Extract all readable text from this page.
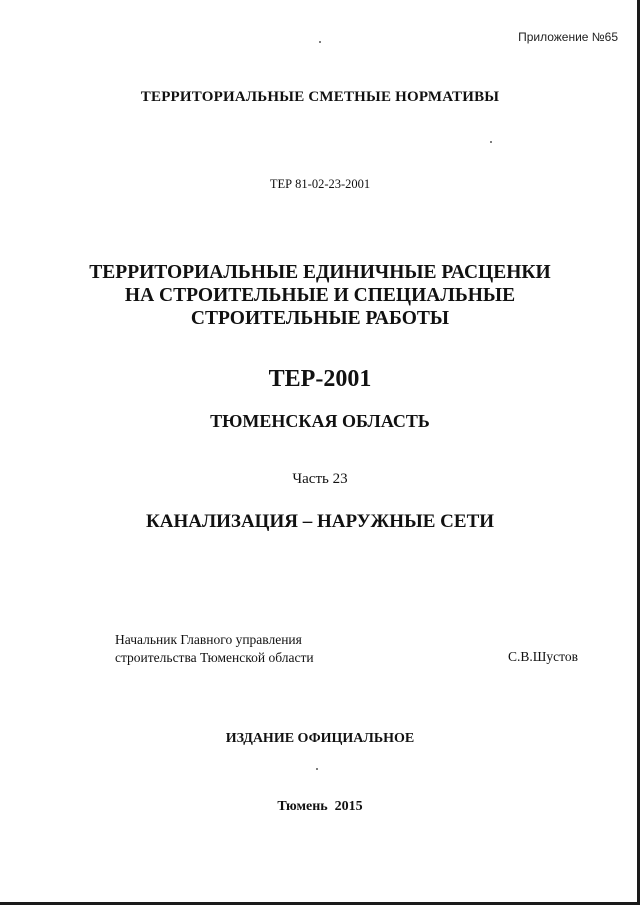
Приложение №65
ТЕРРИТОРИАЛЬНЫЕ СМЕТНЫЕ НОРМАТИВЫ
ТЕР 81-02-23-2001
ТЕРРИТОРИАЛЬНЫЕ ЕДИНИЧНЫЕ РАСЦЕНКИ
НА СТРОИТЕЛЬНЫЕ И СПЕЦИАЛЬНЫЕ
СТРОИТЕЛЬНЫЕ РАБОТЫ
ТЕР-2001
ТЮМЕНСКАЯ ОБЛАСТЬ
Часть 23
КАНАЛИЗАЦИЯ – НАРУЖНЫЕ СЕТИ
Начальник Главного управления
строительства Тюменской области	С.В.Шустов
ИЗДАНИЕ ОФИЦИАЛЬНОЕ
Тюмень  2015
